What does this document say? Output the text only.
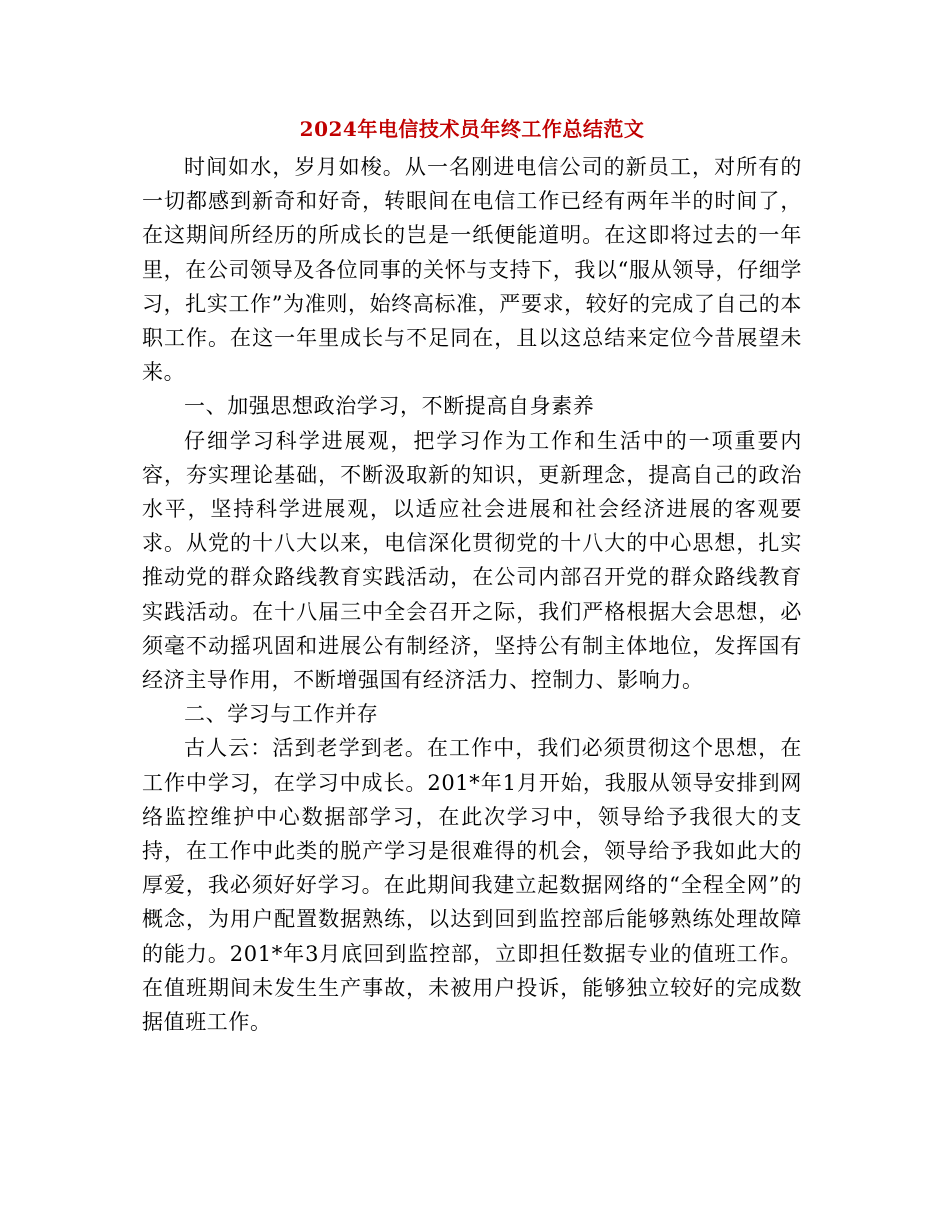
2024年电信技术员年终工作总结范文

时间如水，岁月如梭。从一名刚进电信公司的新员工，对所有的一切都感到新奇和好奇，转眼间在电信工作已经有两年半的时间了，在这期间所经历的所成长的岂是一纸便能道明。在这即将过去的一年里，在公司领导及各位同事的关怀与支持下，我以“服从领导，仔细学习，扎实工作”为准则，始终高标准，严要求，较好的完成了自己的本职工作。在这一年里成长与不足同在，且以这总结来定位今昔展望未来。

一、加强思想政治学习，不断提高自身素养

仔细学习科学进展观，把学习作为工作和生活中的一项重要内容，夯实理论基础，不断汲取新的知识，更新理念，提高自己的政治水平，坚持科学进展观，以适应社会进展和社会经济进展的客观要求。从党的十八大以来，电信深化贯彻党的十八大的中心思想，扎实推动党的群众路线教育实践活动，在公司内部召开党的群众路线教育实践活动。在十八届三中全会召开之际，我们严格根据大会思想，必须毫不动摇巩固和进展公有制经济，坚持公有制主体地位，发挥国有经济主导作用，不断增强国有经济活力、控制力、影响力。

二、学习与工作并存

古人云：活到老学到老。在工作中，我们必须贯彻这个思想，在工作中学习，在学习中成长。201*年1月开始，我服从领导安排到网络监控维护中心数据部学习，在此次学习中，领导给予我很大的支持，在工作中此类的脱产学习是很难得的机会，领导给予我如此大的厚爱，我必须好好学习。在此期间我建立起数据网络的“全程全网”的概念，为用户配置数据熟练，以达到回到监控部后能够熟练处理故障的能力。201*年3月底回到监控部，立即担任数据专业的值班工作。在值班期间未发生生产事故，未被用户投诉，能够独立较好的完成数据值班工作。
